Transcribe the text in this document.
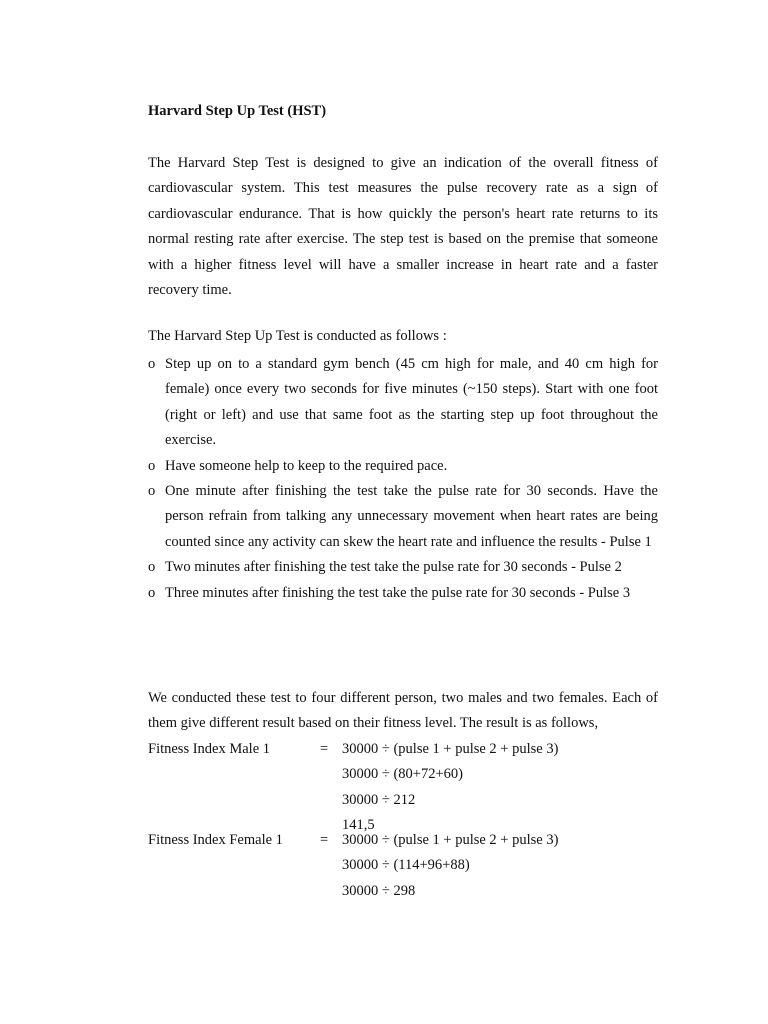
Harvard Step Up Test (HST)

The Harvard Step Test is designed to give an indication of the overall fitness of cardiovascular system. This test measures the pulse recovery rate as a sign of cardiovascular endurance. That is how quickly the person's heart rate returns to its normal resting rate after exercise. The step test is based on the premise that someone with a higher fitness level will have a smaller increase in heart rate and a faster recovery time.

The Harvard Step Up Test is conducted as follows :

o Step up on to a standard gym bench (45 cm high for male, and 40 cm high for female) once every two seconds for five minutes (~150 steps). Start with one foot (right or left) and use that same foot as the starting step up foot throughout the exercise.
o Have someone help to keep to the required pace.
o One minute after finishing the test take the pulse rate for 30 seconds. Have the person refrain from talking any unnecessary movement when heart rates are being counted since any activity can skew the heart rate and influence the results - Pulse 1
o Two minutes after finishing the test take the pulse rate for 30 seconds - Pulse 2
o Three minutes after finishing the test take the pulse rate for 30 seconds - Pulse 3

We conducted these test to four different person, two males and two females. Each of them give different result based on their fitness level. The result is as follows,

Fitness Index Male 1	= 30000 ÷ (pulse 1 + pulse 2 + pulse 3)
30000 ÷ (80+72+60)
30000 ÷ 212
141,5
Fitness Index Female 1	= 30000 ÷ (pulse 1 + pulse 2 + pulse 3)
30000 ÷ (114+96+88)
30000 ÷ 298
